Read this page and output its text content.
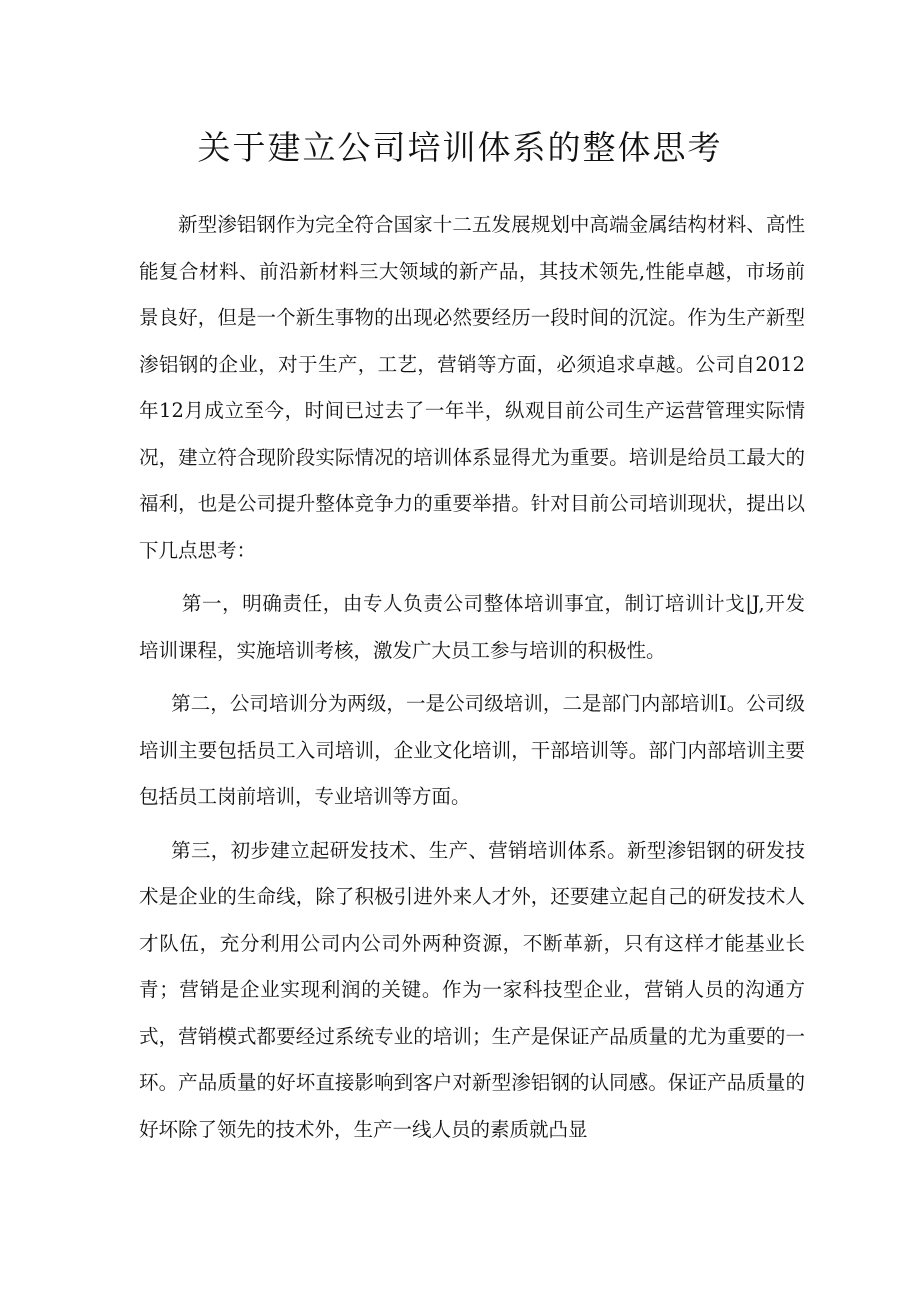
关于建立公司培训体系的整体思考

新型渗铝钢作为完全符合国家十二五发展规划中高端金属结构材料、高性能复合材料、前沿新材料三大领域的新产品，其技术领先,性能卓越，市场前景良好，但是一个新生事物的出现必然要经历一段时间的沉淀。作为生产新型渗铝钢的企业，对于生产，工艺，营销等方面，必须追求卓越。公司自2012年12月成立至今，时间已过去了一年半，纵观目前公司生产运营管理实际情况，建立符合现阶段实际情况的培训体系显得尤为重要。培训是给员工最大的福利，也是公司提升整体竞争力的重要举措。针对目前公司培训现状，提出以下几点思考：

第一，明确责任，由专人负责公司整体培训事宜，制订培训计戈|J,开发培训课程，实施培训考核，激发广大员工参与培训的积极性。

第二，公司培训分为两级，一是公司级培训，二是部门内部培训I。公司级培训主要包括员工入司培训，企业文化培训，干部培训等。部门内部培训主要包括员工岗前培训，专业培训等方面。

第三，初步建立起研发技术、生产、营销培训体系。新型渗铝钢的研发技术是企业的生命线，除了积极引进外来人才外，还要建立起自己的研发技术人才队伍，充分利用公司内公司外两种资源，不断革新，只有这样才能基业长青；营销是企业实现利润的关键。作为一家科技型企业，营销人员的沟通方式，营销模式都要经过系统专业的培训；生产是保证产品质量的尤为重要的一环。产品质量的好坏直接影响到客户对新型渗铝钢的认同感。保证产品质量的好坏除了领先的技术外，生产一线人员的素质就凸显
